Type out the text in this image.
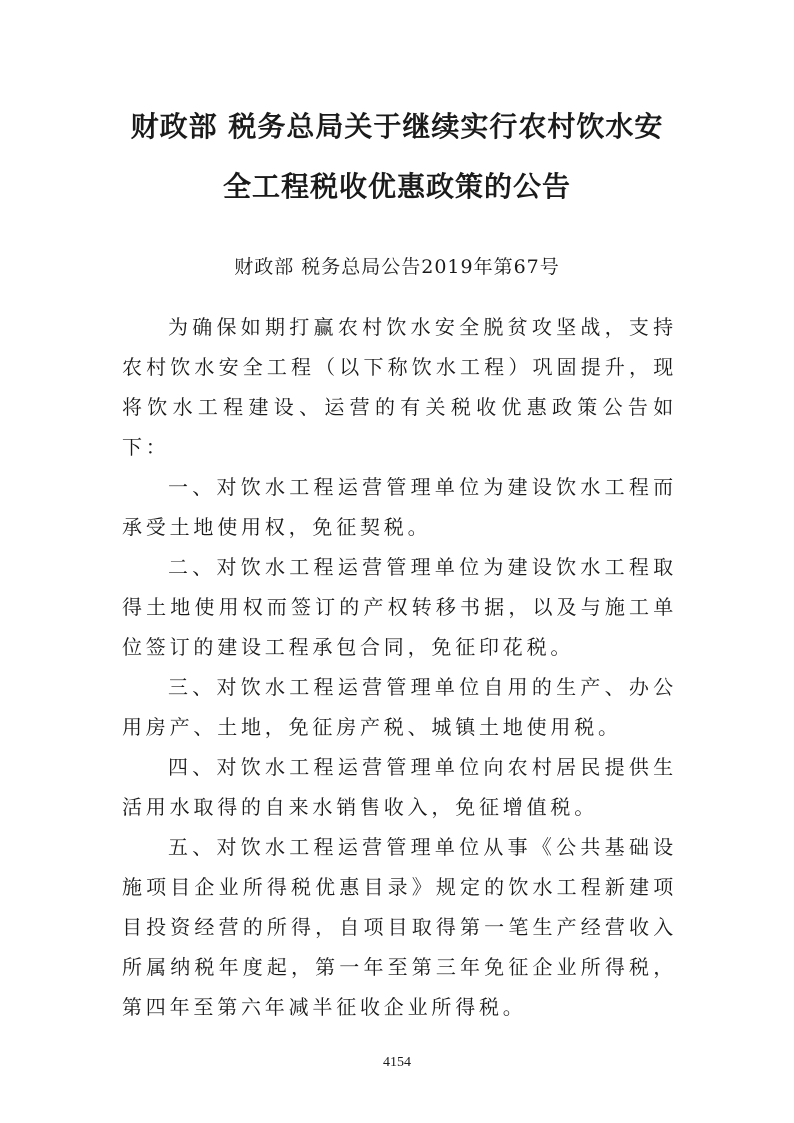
财政部 税务总局关于继续实行农村饮水安
全工程税收优惠政策的公告
财政部 税务总局公告2019年第67号

为确保如期打赢农村饮水安全脱贫攻坚战，支持农村饮水安全工程（以下称饮水工程）巩固提升，现将饮水工程建设、运营的有关税收优惠政策公告如下：

一、对饮水工程运营管理单位为建设饮水工程而承受土地使用权，免征契税。

二、对饮水工程运营管理单位为建设饮水工程取得土地使用权而签订的产权转移书据，以及与施工单位签订的建设工程承包合同，免征印花税。

三、对饮水工程运营管理单位自用的生产、办公用房产、土地，免征房产税、城镇土地使用税。

四、对饮水工程运营管理单位向农村居民提供生活用水取得的自来水销售收入，免征增值税。

五、对饮水工程运营管理单位从事《公共基础设施项目企业所得税优惠目录》规定的饮水工程新建项目投资经营的所得，自项目取得第一笔生产经营收入所属纳税年度起，第一年至第三年免征企业所得税，第四年至第六年减半征收企业所得税。

4154
